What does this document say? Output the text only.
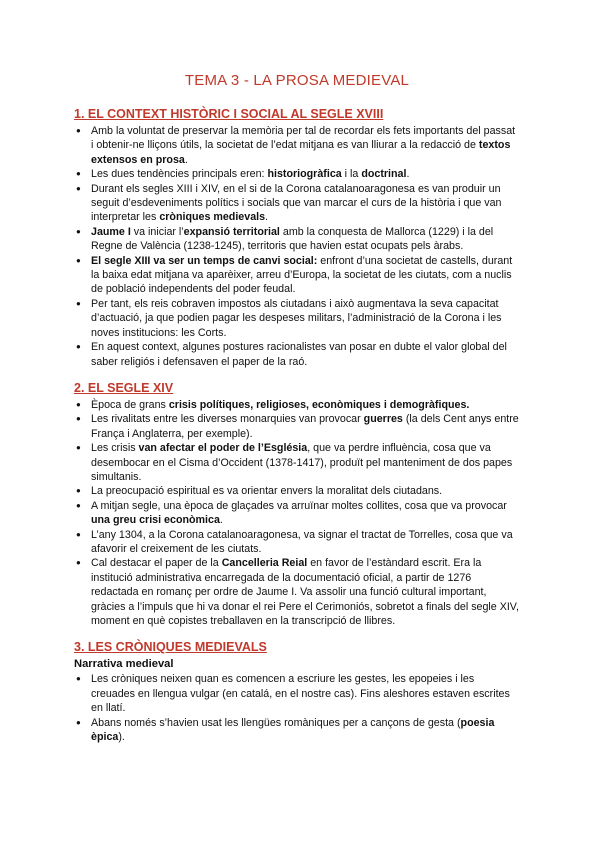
TEMA 3 - LA PROSA MEDIEVAL
1. EL CONTEXT HISTÒRIC I SOCIAL AL SEGLE XVIII
● Amb la voluntat de preservar la memòria per tal de recordar els fets importants del passat i obtenir-ne lliçons útils, la societat de l’edat mitjana es van lliurar a la redacció de textos extensos en prosa.
● Les dues tendències principals eren: historiogràfica i la doctrinal.
● Durant els segles XIII i XIV, en el si de la Corona catalanoaragonesa es van produir un seguit d’esdeveniments polítics i socials que van marcar el curs de la història i que van interpretar les cròniques medievals.
● Jaume I va iniciar l’expansió territorial amb la conquesta de Mallorca (1229) i la del Regne de València (1238-1245), territoris que havien estat ocupats pels àrabs.
● El segle XIII va ser un temps de canvi social: enfront d’una societat de castells, durant la baixa edat mitjana va aparèixer, arreu d’Europa, la societat de les ciutats, com a nuclis de població independents del poder feudal.
● Per tant, els reis cobraven impostos als ciutadans i això augmentava la seva capacitat d’actuació, ja que podien pagar les despeses militars, l’administració de la Corona i les noves institucions: les Corts.
● En aquest context, algunes postures racionalistes van posar en dubte el valor global del saber religiós i defensaven el paper de la raó.
2. EL SEGLE XIV
● Època de grans crisis polítiques, religioses, econòmiques i demogràfiques.
● Les rivalitats entre les diverses monarquies van provocar guerres (la dels Cent anys entre França i Anglaterra, per exemple).
● Les crisis van afectar el poder de l’Església, que va perdre influència, cosa que va desembocar en el Cisma d’Occident (1378-1417), produït pel manteniment de dos papes simultanis.
● La preocupació espiritual es va orientar envers la moralitat dels ciutadans.
● A mitjan segle, una època de glaçades va arruïnar moltes collites, cosa que va provocar una greu crisi econòmica.
● L’any 1304, a la Corona catalanoaragonesa, va signar el tractat de Torrelles, cosa que va afavorir el creixement de les ciutats.
● Cal destacar el paper de la Cancelleria Reial en favor de l’estàndard escrit. Era la institució administrativa encarregada de la documentació oficial, a partir de 1276 redactada en romanç per ordre de Jaume I. Va assolir una funció cultural important, gràcies a l’impuls que hi va donar el rei Pere el Cerimoniós, sobretot a finals del segle XIV, moment en què copistes treballaven en la transcripció de llibres.
3. LES CRÒNIQUES MEDIEVALS
Narrativa medieval
● Les cròniques neixen quan es comencen a escriure les gestes, les epopeies i les creuades en llengua vulgar (en catalá, en el nostre cas). Fins aleshores estaven escrites en llatí.
● Abans només s’havien usat les llengües romàniques per a cançons de gesta (poesia èpica).
